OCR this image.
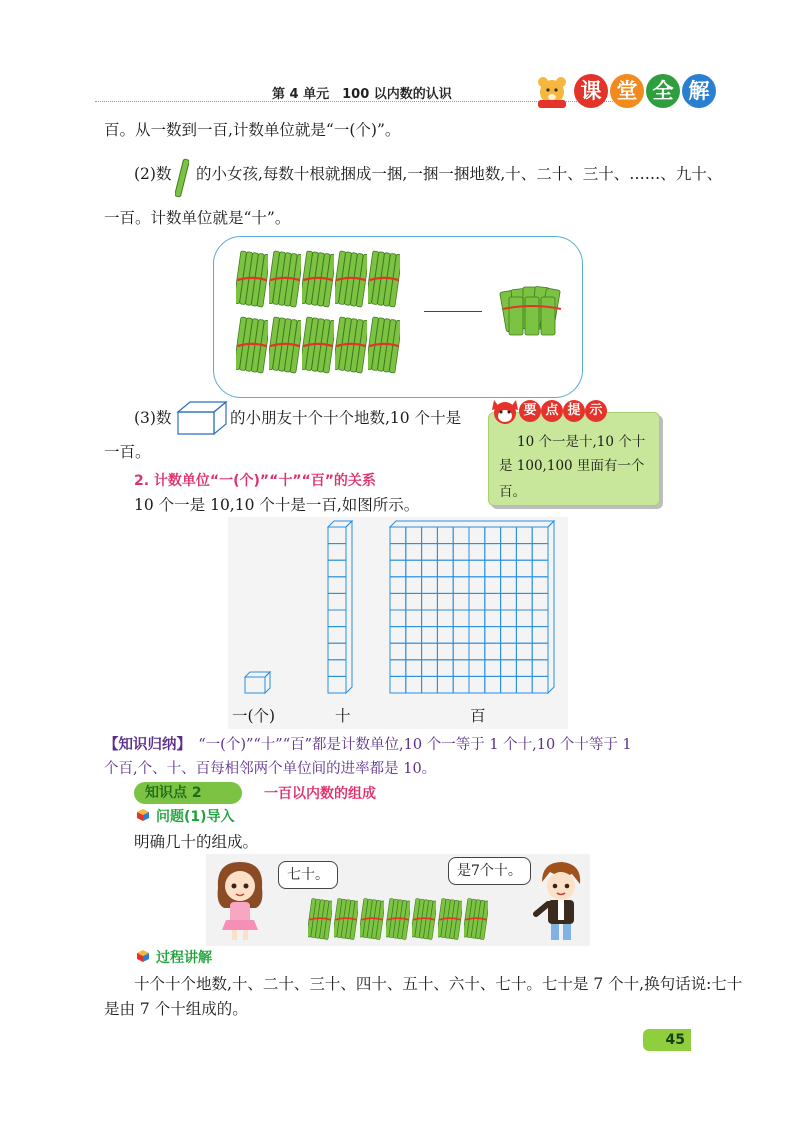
第 4 单元　100 以内数的认识	课 堂 全 解
百。从一数到一百,计数单位就是“一(个)”。
(2)数 的小女孩,每数十根就捆成一捆,一捆一捆地数,十、二十、三十、……、九十、
一百。计数单位就是“十”。
(3)数	的小朋友十个十个地数,10 个十是
一百。
10 个一是十,10 个十
是 100,100 里面有一个百。
要 点 提 示
2. 计数单位“一(个)”“十”“百”的关系
10 个一是 10,10 个十是一百,如图所示。
一(个)	十	百
【知识归纳】　 “一(个)”“十”“百”都是计数单位,10 个一等于 1 个十,10 个十等于 1
个百,个、十、百每相邻两个单位间的进率都是 10。
知识点 2	一百以内数的组成
问题(1)导入
明确几十的组成。
七十。	是7个十。
过程讲解
十个十个地数,十、二十、三十、四十、五十、六十、七十。七十是 7 个十,换句话说:七十
是由 7 个十组成的。
45
